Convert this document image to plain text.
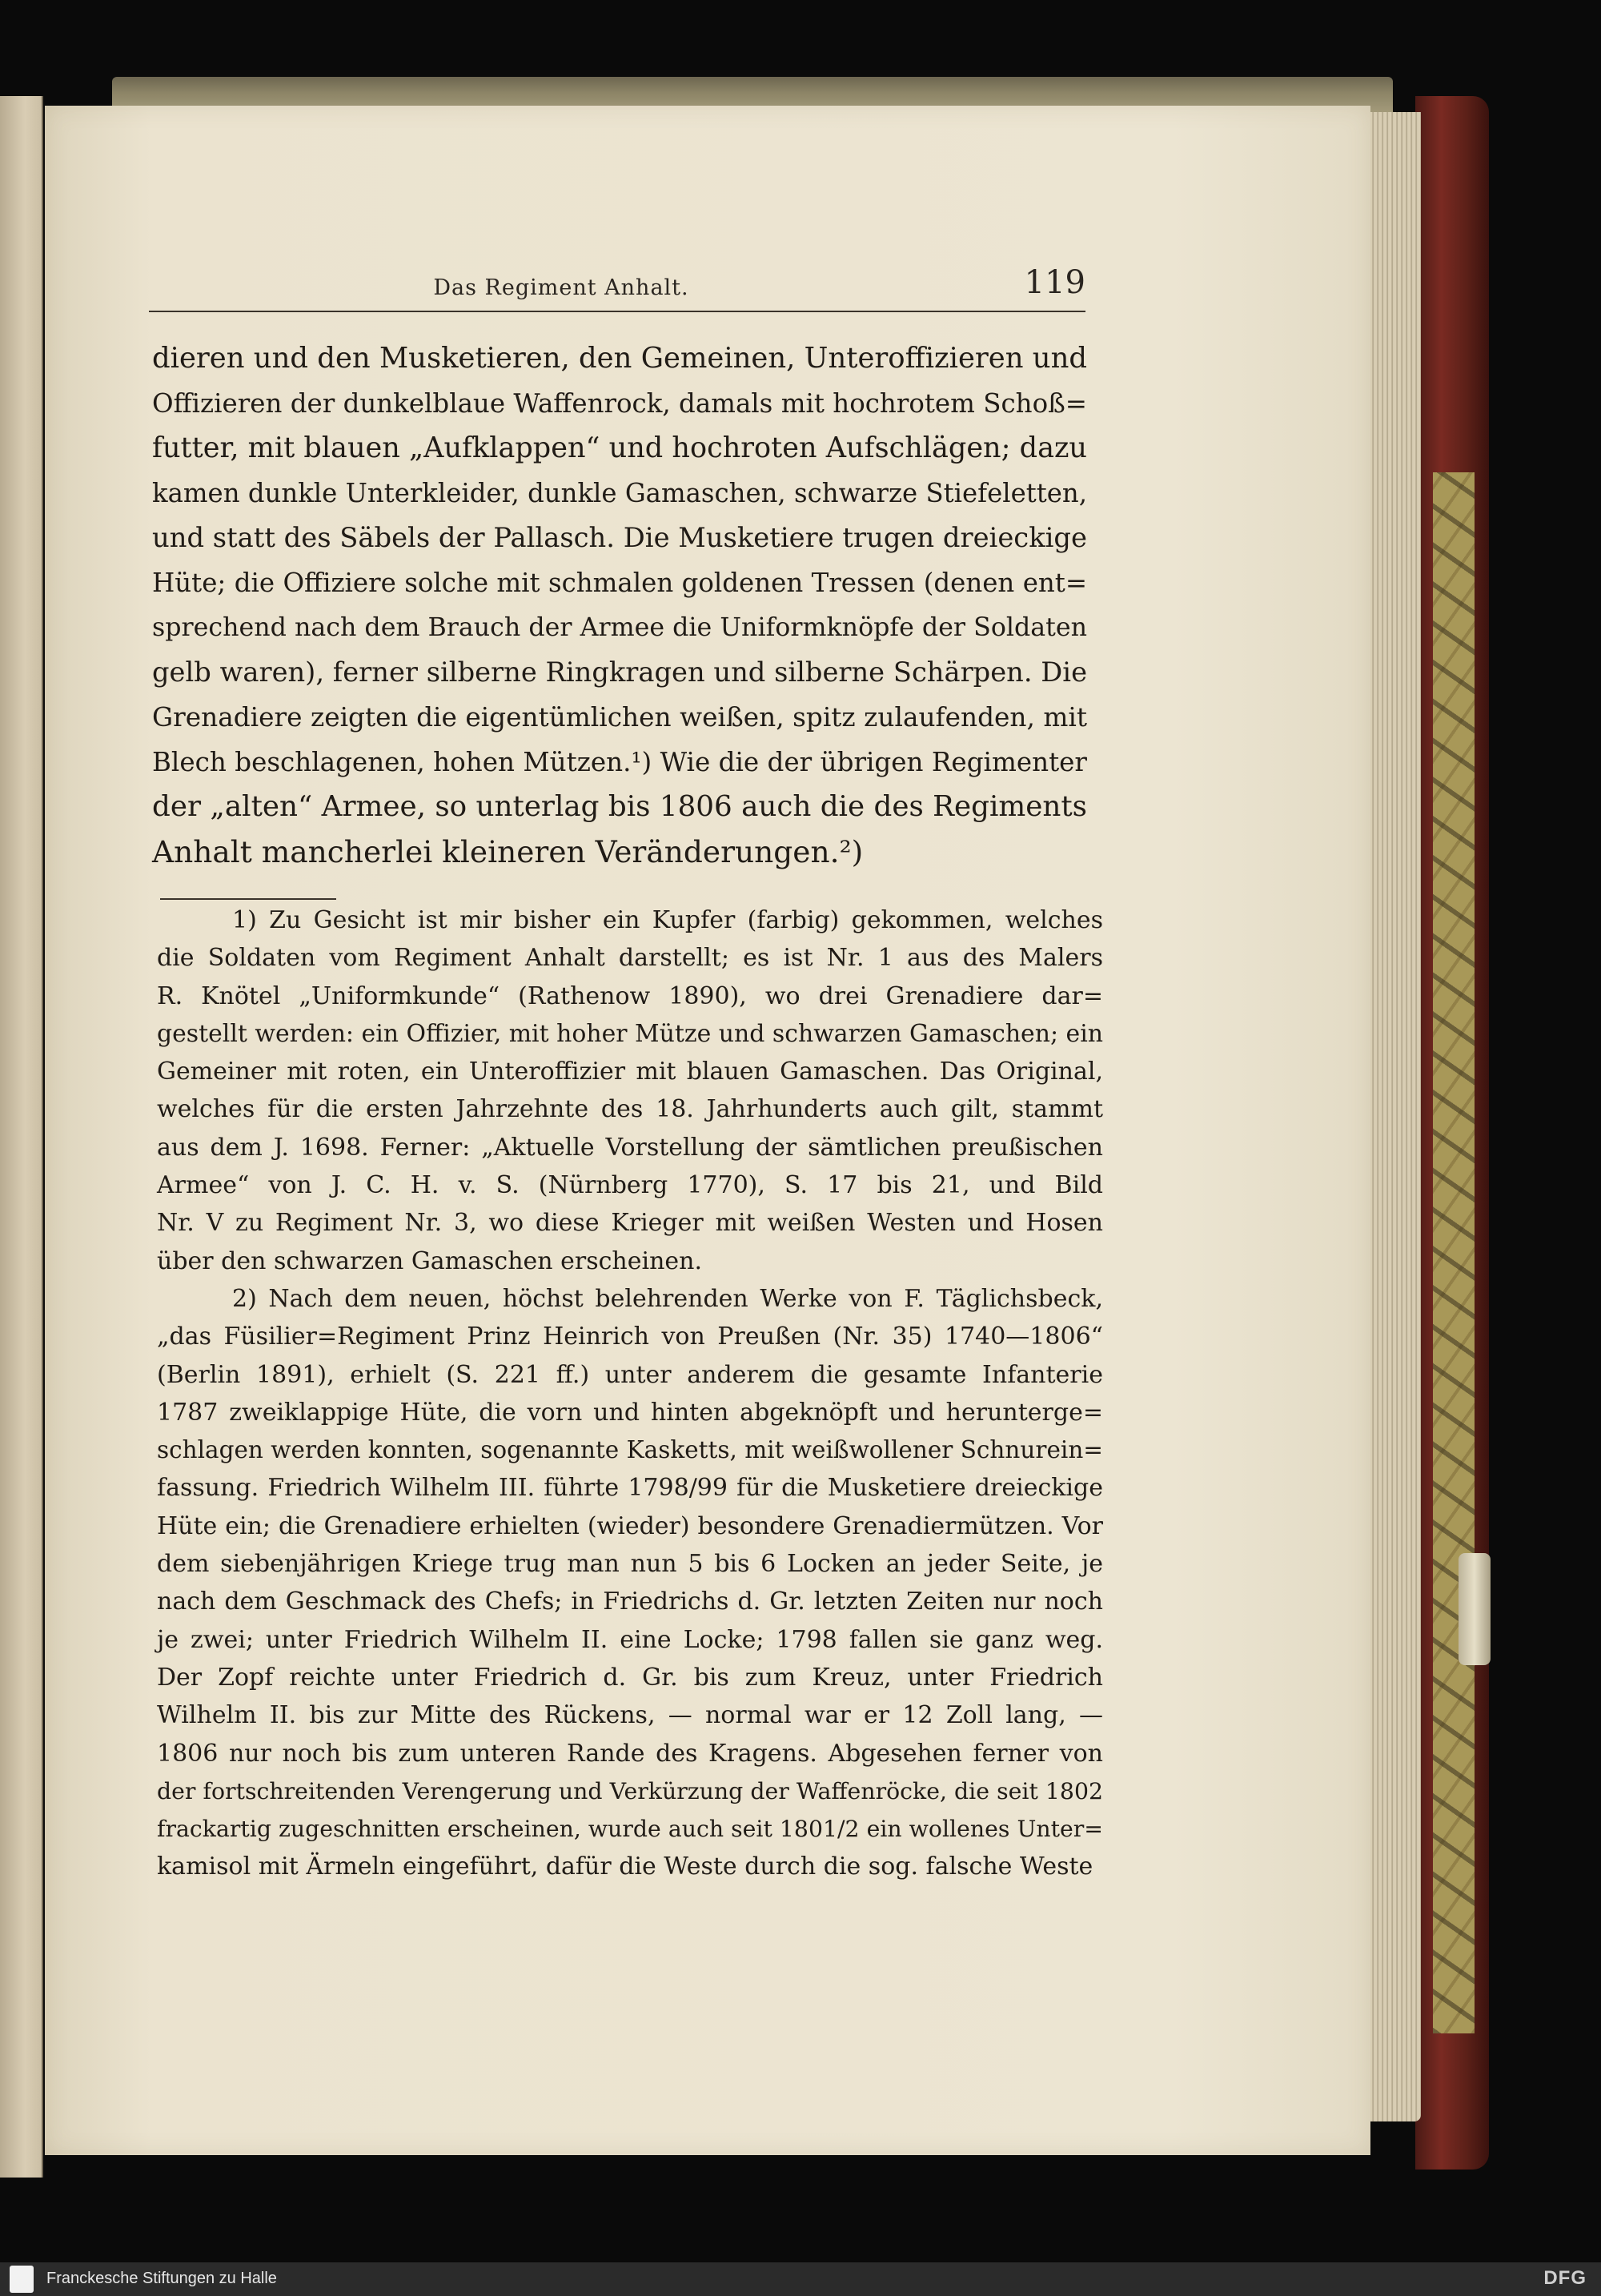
Das Regiment Anhalt.	119

dieren und den Musketieren, den Gemeinen, Unteroffizieren und
Offizieren der dunkelblaue Waffenrock, damals mit hochrotem Schoß=
futter, mit blauen „Aufklappen“ und hochroten Aufschlägen; dazu
kamen dunkle Unterkleider, dunkle Gamaschen, schwarze Stiefeletten,
und statt des Säbels der Pallasch. Die Musketiere trugen dreieckige
Hüte; die Offiziere solche mit schmalen goldenen Tressen (denen ent=
sprechend nach dem Brauch der Armee die Uniformknöpfe der Soldaten
gelb waren), ferner silberne Ringkragen und silberne Schärpen. Die
Grenadiere zeigten die eigentümlichen weißen, spitz zulaufenden, mit
Blech beschlagenen, hohen Mützen.¹) Wie die der übrigen Regimenter
der „alten“ Armee, so unterlag bis 1806 auch die des Regiments
Anhalt mancherlei kleineren Veränderungen.²)

1) Zu Gesicht ist mir bisher ein Kupfer (farbig) gekommen, welches
die Soldaten vom Regiment Anhalt darstellt; es ist Nr. 1 aus des Malers
R. Knötel „Uniformkunde“ (Rathenow 1890), wo drei Grenadiere dar=
gestellt werden: ein Offizier, mit hoher Mütze und schwarzen Gamaschen; ein
Gemeiner mit roten, ein Unteroffizier mit blauen Gamaschen. Das Original,
welches für die ersten Jahrzehnte des 18. Jahrhunderts auch gilt, stammt
aus dem J. 1698. Ferner: „Aktuelle Vorstellung der sämtlichen preußischen
Armee“ von J. C. H. v. S. (Nürnberg 1770), S. 17 bis 21, und Bild
Nr. V zu Regiment Nr. 3, wo diese Krieger mit weißen Westen und Hosen
über den schwarzen Gamaschen erscheinen.

2) Nach dem neuen, höchst belehrenden Werke von F. Täglichsbeck,
„das Füsilier=Regiment Prinz Heinrich von Preußen (Nr. 35) 1740—1806“
(Berlin 1891), erhielt (S. 221 ff.) unter anderem die gesamte Infanterie
1787 zweiklappige Hüte, die vorn und hinten abgeknöpft und herunterge=
schlagen werden konnten, sogenannte Kasketts, mit weißwollener Schnurein=
fassung. Friedrich Wilhelm III. führte 1798/99 für die Musketiere dreieckige
Hüte ein; die Grenadiere erhielten (wieder) besondere Grenadiermützen. Vor
dem siebenjährigen Kriege trug man nun 5 bis 6 Locken an jeder Seite, je
nach dem Geschmack des Chefs; in Friedrichs d. Gr. letzten Zeiten nur noch
je zwei; unter Friedrich Wilhelm II. eine Locke; 1798 fallen sie ganz weg.
Der Zopf reichte unter Friedrich d. Gr. bis zum Kreuz, unter Friedrich
Wilhelm II. bis zur Mitte des Rückens, — normal war er 12 Zoll lang, —
1806 nur noch bis zum unteren Rande des Kragens. Abgesehen ferner von
der fortschreitenden Verengerung und Verkürzung der Waffenröcke, die seit 1802
frackartig zugeschnitten erscheinen, wurde auch seit 1801/2 ein wollenes Unter=
kamisol mit Ärmeln eingeführt, dafür die Weste durch die sog. falsche Weste

Franckesche Stiftungen zu Halle	DFG
